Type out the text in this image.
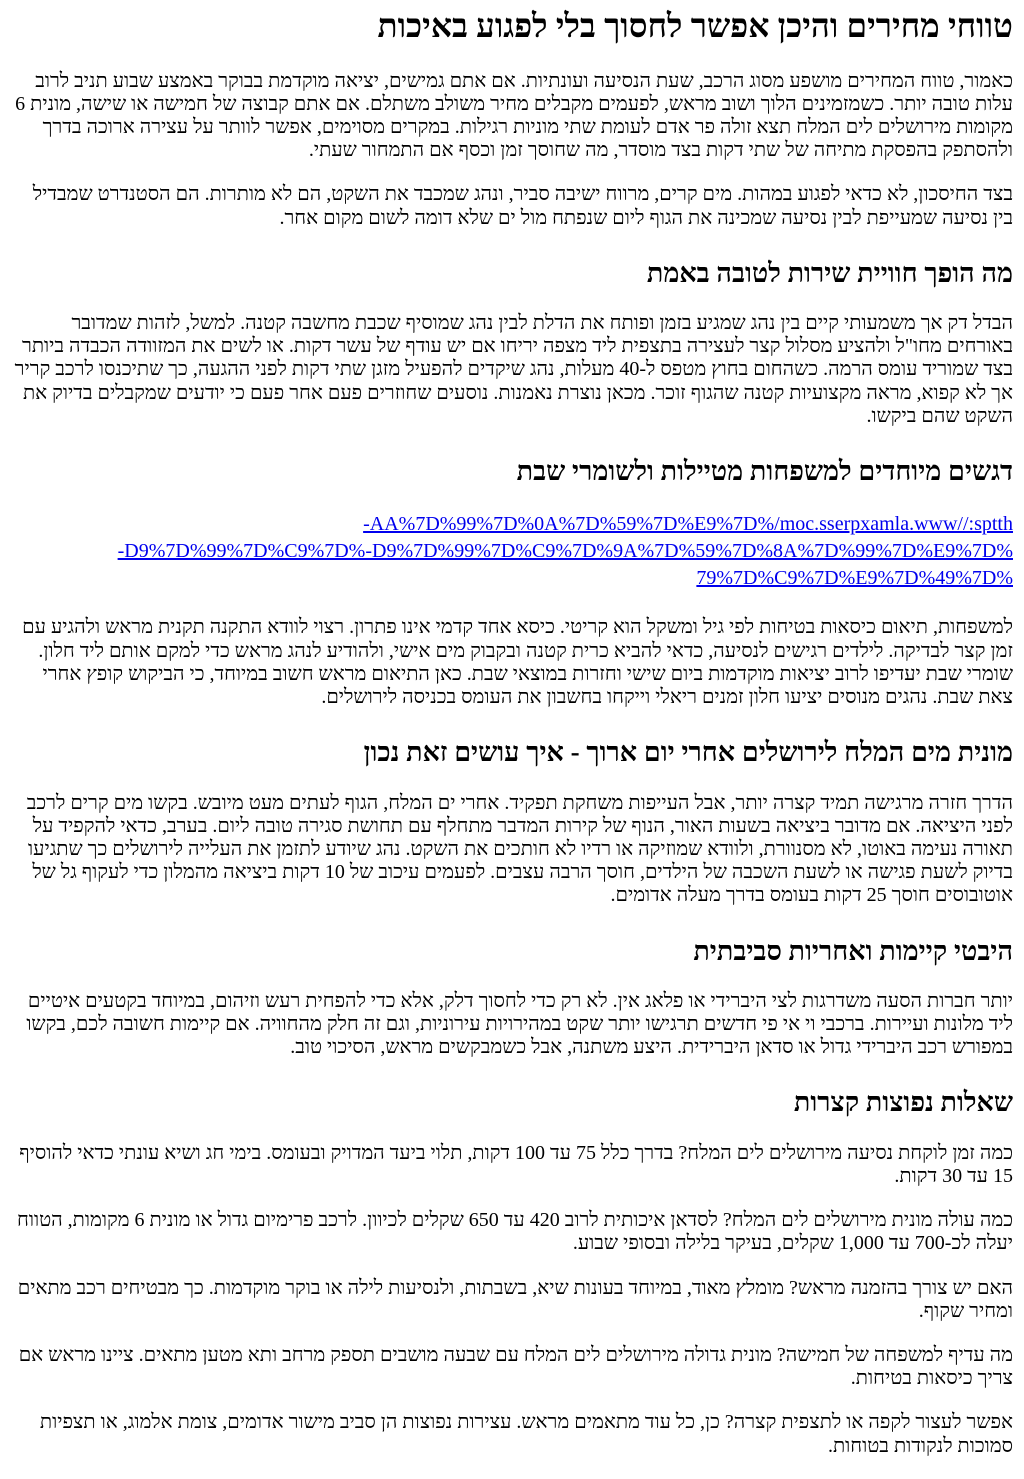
טווחי מחירים והיכן אפשר לחסוך בלי לפגוע באיכות

כאמור, טווח המחירים מושפע מסוג הרכב, שעת הנסיעה ועונתיות. אם אתם גמישים, יציאה מוקדמת בבוקר באמצע שבוע תניב לרוב עלות טובה יותר. כשמזמינים הלוך ושוב מראש, לפעמים מקבלים מחיר משולב משתלם. אם אתם קבוצה של חמישה או שישה, מונית 6 מקומות מירושלים לים המלח תצא זולה פר אדם לעומת שתי מוניות רגילות. במקרים מסוימים, אפשר לוותר על עצירה ארוכה בדרך ולהסתפק בהפסקת מתיחה של שתי דקות בצד מוסדר, מה שחוסך זמן וכסף אם התמחור שעתי.

בצד החיסכון, לא כדאי לפגוע במהות. מים קרים, מרווח ישיבה סביר, ונהג שמכבד את השקט, הם לא מותרות. הם הסטנדרט שמבדיל בין נסיעה שמעייפת לבין נסיעה שמכינה את הגוף ליום שנפתח מול ים שלא דומה לשום מקום אחר.

מה הופך חוויית שירות לטובה באמת

הבדל דק אך משמעותי קיים בין נהג שמגיע בזמן ופותח את הדלת לבין נהג שמוסיף שכבת מחשבה קטנה. למשל, לזהות שמדובר באורחים מחו"ל ולהציע מסלול קצר לעצירה בתצפית ליד מצפה יריחו אם יש עודף של עשר דקות. או לשים את המזוודה הכבדה ביותר בצד שמוריד עומס הרמה. כשהחום בחוץ מטפס ל-40 מעלות, נהג שיקדים להפעיל מזגן שתי דקות לפני ההגעה, כך שתיכנסו לרכב קריר אך לא קפוא, מראה מקצועיות קטנה שהגוף זוכר. מכאן נוצרת נאמנות. נוסעים שחוזרים פעם אחר פעם כי יודעים שמקבלים בדיוק את השקט שהם ביקשו.

דגשים מיוחדים למשפחות מטיילות ולשומרי שבת

-AA%7D%99%7D%0A%7D%59%7D%E9%7D%/moc.sserpxamla.www//:sptth
-D9%7D%99%7D%C9%7D%-D9%7D%99%7D%C9%7D%9A%7D%59%7D%8A%7D%99%7D%E9%7D%
79%7D%C9%7D%E9%7D%49%7D%

למשפחות, תיאום כיסאות בטיחות לפי גיל ומשקל הוא קריטי. כיסא אחד קדמי אינו פתרון. רצוי לוודא התקנה תקנית מראש ולהגיע עם זמן קצר לבדיקה. לילדים רגישים לנסיעה, כדאי להביא כרית קטנה ובקבוק מים אישי, ולהודיע לנהג מראש כדי למקם אותם ליד חלון. שומרי שבת יעדיפו לרוב יציאות מוקדמות ביום שישי וחזרות במוצאי שבת. כאן התיאום מראש חשוב במיוחד, כי הביקוש קופץ אחרי צאת שבת. נהגים מנוסים יציעו חלון זמנים ריאלי וייקחו בחשבון את העומס בכניסה לירושלים.

מונית מים המלח לירושלים אחרי יום ארוך - איך עושים זאת נכון

הדרך חזרה מרגישה תמיד קצרה יותר, אבל העייפות משחקת תפקיד. אחרי ים המלח, הגוף לעתים מעט מיובש. בקשו מים קרים לרכב לפני היציאה. אם מדובר ביציאה בשעות האור, הנוף של קירות המדבר מתחלף עם תחושת סגירה טובה ליום. בערב, כדאי להקפיד על תאורה נעימה באוטו, לא מסנוורת, ולוודא שמוזיקה או רדיו לא חותכים את השקט. נהג שיודע לתזמן את העלייה לירושלים כך שתגיעו בדיוק לשעת פגישה או לשעת השכבה של הילדים, חוסך הרבה עצבים. לפעמים עיכוב של 10 דקות ביציאה מהמלון כדי לעקוף גל של אוטובוסים חוסך 25 דקות בעומס בדרך מעלה אדומים.

היבטי קיימות ואחריות סביבתית

יותר חברות הסעה משדרגות לצי היברידי או פלאג אין. לא רק כדי לחסוך דלק, אלא כדי להפחית רעש וזיהום, במיוחד בקטעים איטיים ליד מלונות ועיירות. ברכבי וי אי פי חדשים תרגישו יותר שקט במהירויות עירוניות, וגם זה חלק מהחוויה. אם קיימות חשובה לכם, בקשו במפורש רכב היברידי גדול או סדאן היברידית. היצע משתנה, אבל כשמבקשים מראש, הסיכוי טוב.

שאלות נפוצות קצרות

כמה זמן לוקחת נסיעה מירושלים לים המלח? בדרך כלל 75 עד 100 דקות, תלוי ביעד המדויק ובעומס. בימי חג ושיא עונתי כדאי להוסיף 15 עד 30 דקות.

כמה עולה מונית מירושלים לים המלח? לסדאן איכותית לרוב 420 עד 650 שקלים לכיוון. לרכב פרימיום גדול או מונית 6 מקומות, הטווח יעלה לכ-700 עד 1,000 שקלים, בעיקר בלילה ובסופי שבוע.

האם יש צורך בהזמנה מראש? מומלץ מאוד, במיוחד בעונות שיא, בשבתות, ולנסיעות לילה או בוקר מוקדמות. כך מבטיחים רכב מתאים ומחיר שקוף.

מה עדיף למשפחה של חמישה? מונית גדולה מירושלים לים המלח עם שבעה מושבים תספק מרחב ותא מטען מתאים. ציינו מראש אם צריך כיסאות בטיחות.

אפשר לעצור לקפה או לתצפית קצרה? כן, כל עוד מתאמים מראש. עצירות נפוצות הן סביב מישור אדומים, צומת אלמוג, או תצפיות סמוכות לנקודות בטוחות.
